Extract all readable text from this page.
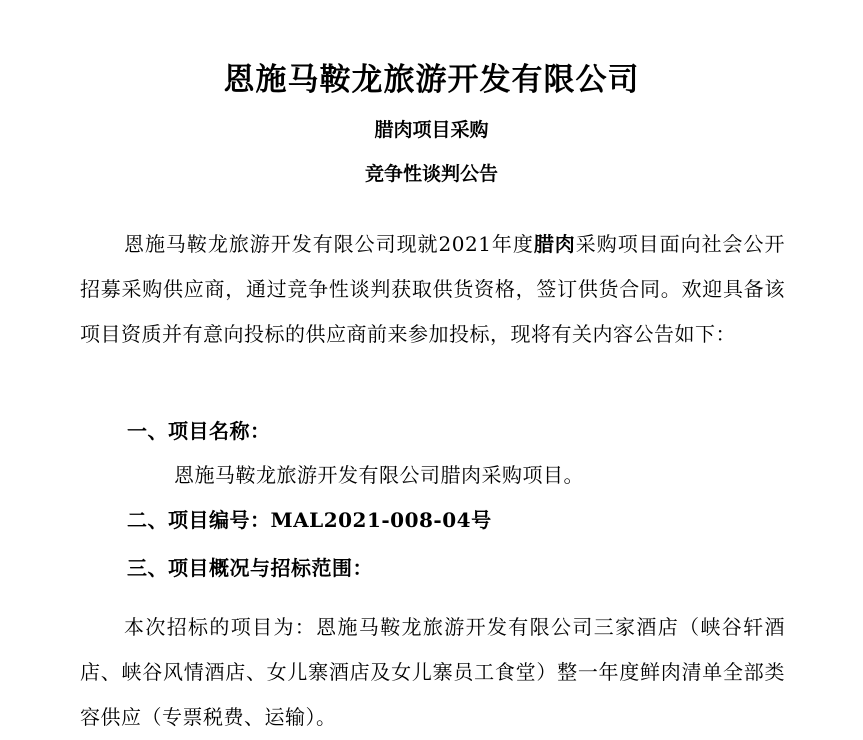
恩施马鞍龙旅游开发有限公司
腊肉项目采购
竞争性谈判公告
恩施马鞍龙旅游开发有限公司现就2021年度腊肉采购项目面向社会公开招募采购供应商，通过竞争性谈判获取供货资格，签订供货合同。欢迎具备该项目资质并有意向投标的供应商前来参加投标，现将有关内容公告如下：
一、项目名称：
恩施马鞍龙旅游开发有限公司腊肉采购项目。
二、项目编号：MAL2021-008-04号
三、项目概况与招标范围：
本次招标的项目为：恩施马鞍龙旅游开发有限公司三家酒店（峡谷轩酒店、峡谷风情酒店、女儿寨酒店及女儿寨员工食堂）整一年度鲜肉清单全部类容供应（专票税费、运输）。
